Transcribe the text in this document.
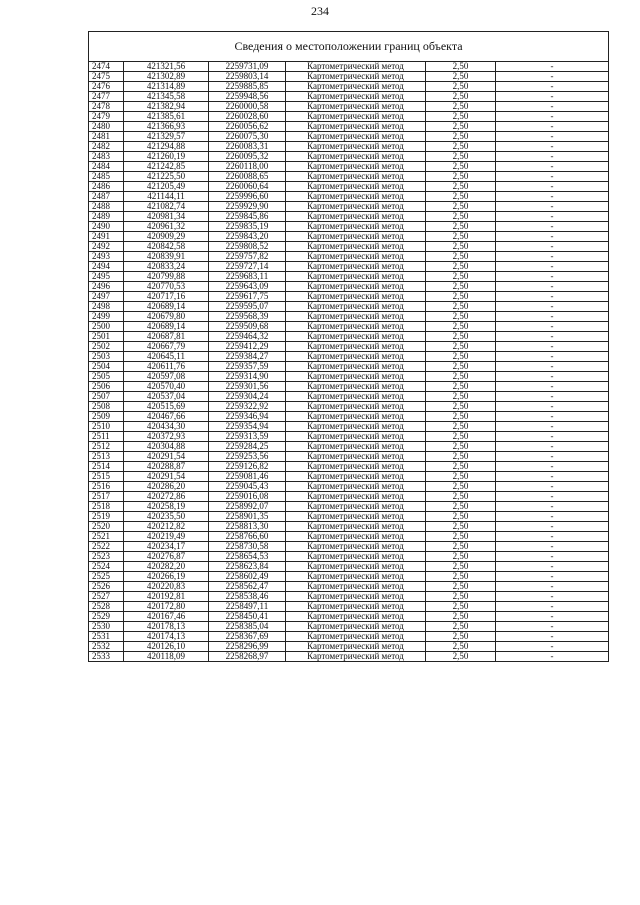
234
Сведения о местоположении границ объекта					
2474	421321,56	2259731,09	Картометрический метод	2,50	-
2475	421302,89	2259803,14	Картометрический метод	2,50	-
2476	421314,89	2259885,85	Картометрический метод	2,50	-
2477	421345,58	2259948,56	Картометрический метод	2,50	-
2478	421382,94	2260000,58	Картометрический метод	2,50	-
2479	421385,61	2260028,60	Картометрический метод	2,50	-
2480	421366,93	2260056,62	Картометрический метод	2,50	-
2481	421329,57	2260075,30	Картометрический метод	2,50	-
2482	421294,88	2260083,31	Картометрический метод	2,50	-
2483	421260,19	2260095,32	Картометрический метод	2,50	-
2484	421242,85	2260118,00	Картометрический метод	2,50	-
2485	421225,50	2260088,65	Картометрический метод	2,50	-
2486	421205,49	2260060,64	Картометрический метод	2,50	-
2487	421144,11	2259996,60	Картометрический метод	2,50	-
2488	421082,74	2259929,90	Картометрический метод	2,50	-
2489	420981,34	2259845,86	Картометрический метод	2,50	-
2490	420961,32	2259835,19	Картометрический метод	2,50	-
2491	420909,29	2259843,20	Картометрический метод	2,50	-
2492	420842,58	2259808,52	Картометрический метод	2,50	-
2493	420839,91	2259757,82	Картометрический метод	2,50	-
2494	420833,24	2259727,14	Картометрический метод	2,50	-
2495	420799,88	2259683,11	Картометрический метод	2,50	-
2496	420770,53	2259643,09	Картометрический метод	2,50	-
2497	420717,16	2259617,75	Картометрический метод	2,50	-
2498	420689,14	2259595,07	Картометрический метод	2,50	-
2499	420679,80	2259568,39	Картометрический метод	2,50	-
2500	420689,14	2259509,68	Картометрический метод	2,50	-
2501	420687,81	2259464,32	Картометрический метод	2,50	-
2502	420667,79	2259412,29	Картометрический метод	2,50	-
2503	420645,11	2259384,27	Картометрический метод	2,50	-
2504	420611,76	2259357,59	Картометрический метод	2,50	-
2505	420597,08	2259314,90	Картометрический метод	2,50	-
2506	420570,40	2259301,56	Картометрический метод	2,50	-
2507	420537,04	2259304,24	Картометрический метод	2,50	-
2508	420515,69	2259322,92	Картометрический метод	2,50	-
2509	420467,66	2259346,94	Картометрический метод	2,50	-
2510	420434,30	2259354,94	Картометрический метод	2,50	-
2511	420372,93	2259313,59	Картометрический метод	2,50	-
2512	420304,88	2259284,25	Картометрический метод	2,50	-
2513	420291,54	2259253,56	Картометрический метод	2,50	-
2514	420288,87	2259126,82	Картометрический метод	2,50	-
2515	420291,54	2259081,46	Картометрический метод	2,50	-
2516	420286,20	2259045,43	Картометрический метод	2,50	-
2517	420272,86	2259016,08	Картометрический метод	2,50	-
2518	420258,19	2258992,07	Картометрический метод	2,50	-
2519	420235,50	2258901,35	Картометрический метод	2,50	-
2520	420212,82	2258813,30	Картометрический метод	2,50	-
2521	420219,49	2258766,60	Картометрический метод	2,50	-
2522	420234,17	2258730,58	Картометрический метод	2,50	-
2523	420276,87	2258654,53	Картометрический метод	2,50	-
2524	420282,20	2258623,84	Картометрический метод	2,50	-
2525	420266,19	2258602,49	Картометрический метод	2,50	-
2526	420220,83	2258562,47	Картометрический метод	2,50	-
2527	420192,81	2258538,46	Картометрический метод	2,50	-
2528	420172,80	2258497,11	Картометрический метод	2,50	-
2529	420167,46	2258450,41	Картометрический метод	2,50	-
2530	420178,13	2258385,04	Картометрический метод	2,50	-
2531	420174,13	2258367,69	Картометрический метод	2,50	-
2532	420126,10	2258296,99	Картометрический метод	2,50	-
2533	420118,09	2258268,97	Картометрический метод	2,50	-
